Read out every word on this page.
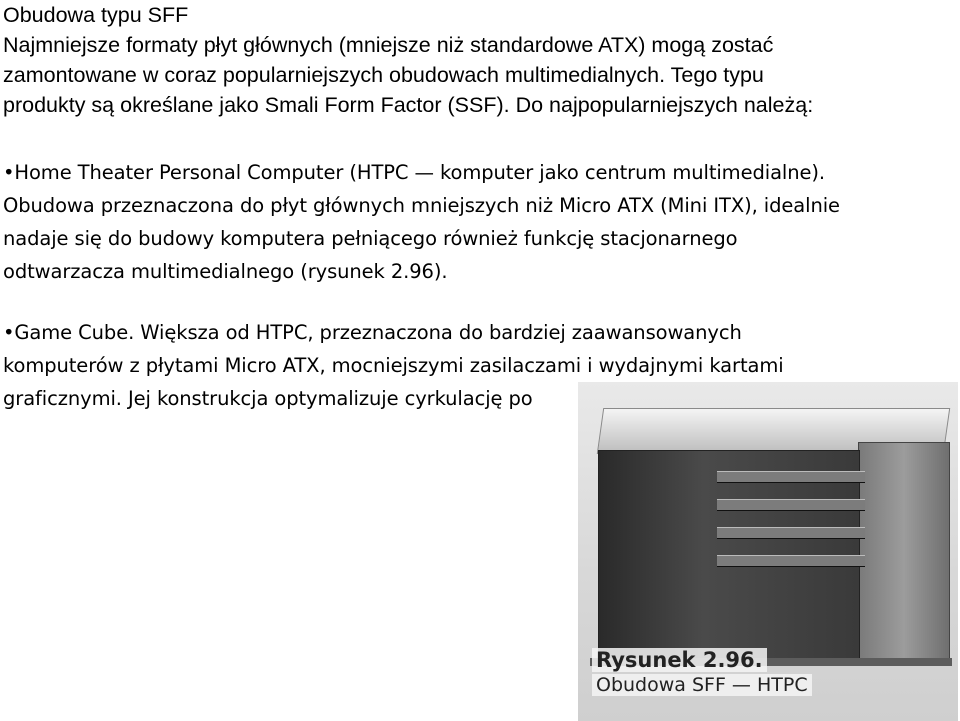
Obudowa typu SFF
Najmniejsze formaty płyt głównych (mniejsze niż standardowe ATX) mogą zostać
zamontowane w coraz popularniejszych obudowach multimedialnych. Tego typu
produkty są określane jako Smali Form Factor (SSF). Do najpopularniejszych należą:
•Home Theater Personal Computer (HTPC — komputer jako centrum multimedialne).
Obudowa przeznaczona do płyt głównych mniejszych niż Micro ATX (Mini ITX), idealnie
nadaje się do budowy komputera pełniącego również funkcję stacjonarnego
odtwarzacza multimedialnego (rysunek 2.96).
•Game Cube. Większa od HTPC, przeznaczona do bardziej zaawansowanych
komputerów z płytami Micro ATX, mocniejszymi zasilaczami i wydajnymi kartami
graficznymi. Jej konstrukcja optymalizuje cyrkulację po
Rysunek 2.96.
Obudowa SFF — HTPC
